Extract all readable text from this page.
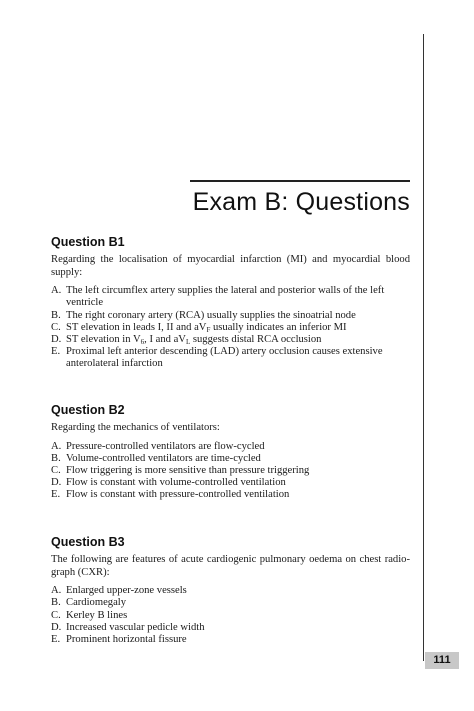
111
Exam B: Questions
Question B1
Regarding the localisation of myocardial infarction (MI) and myocardial blood supply:
A. The left circumflex artery supplies the lateral and posterior walls of the left ventricle
B. The right coronary artery (RCA) usually supplies the sinoatrial node
C. ST elevation in leads I, II and $aV_F$ usually indicates an inferior MI
D. ST elevation in $V_6$, I and $aV_L$ suggests distal RCA occlusion
E. Proximal left anterior descending (LAD) artery occlusion causes extensive anterolateral infarction
Question B2
Regarding the mechanics of ventilators:
A. Pressure-controlled ventilators are flow-cycled
B. Volume-controlled ventilators are time-cycled
C. Flow triggering is more sensitive than pressure triggering
D. Flow is constant with volume-controlled ventilation
E. Flow is constant with pressure-controlled ventilation
Question B3
The following are features of acute cardiogenic pulmonary oedema on chest radio-graph (CXR):
A. Enlarged upper-zone vessels
B. Cardiomegaly
C. Kerley B lines
D. Increased vascular pedicle width
E. Prominent horizontal fissure
